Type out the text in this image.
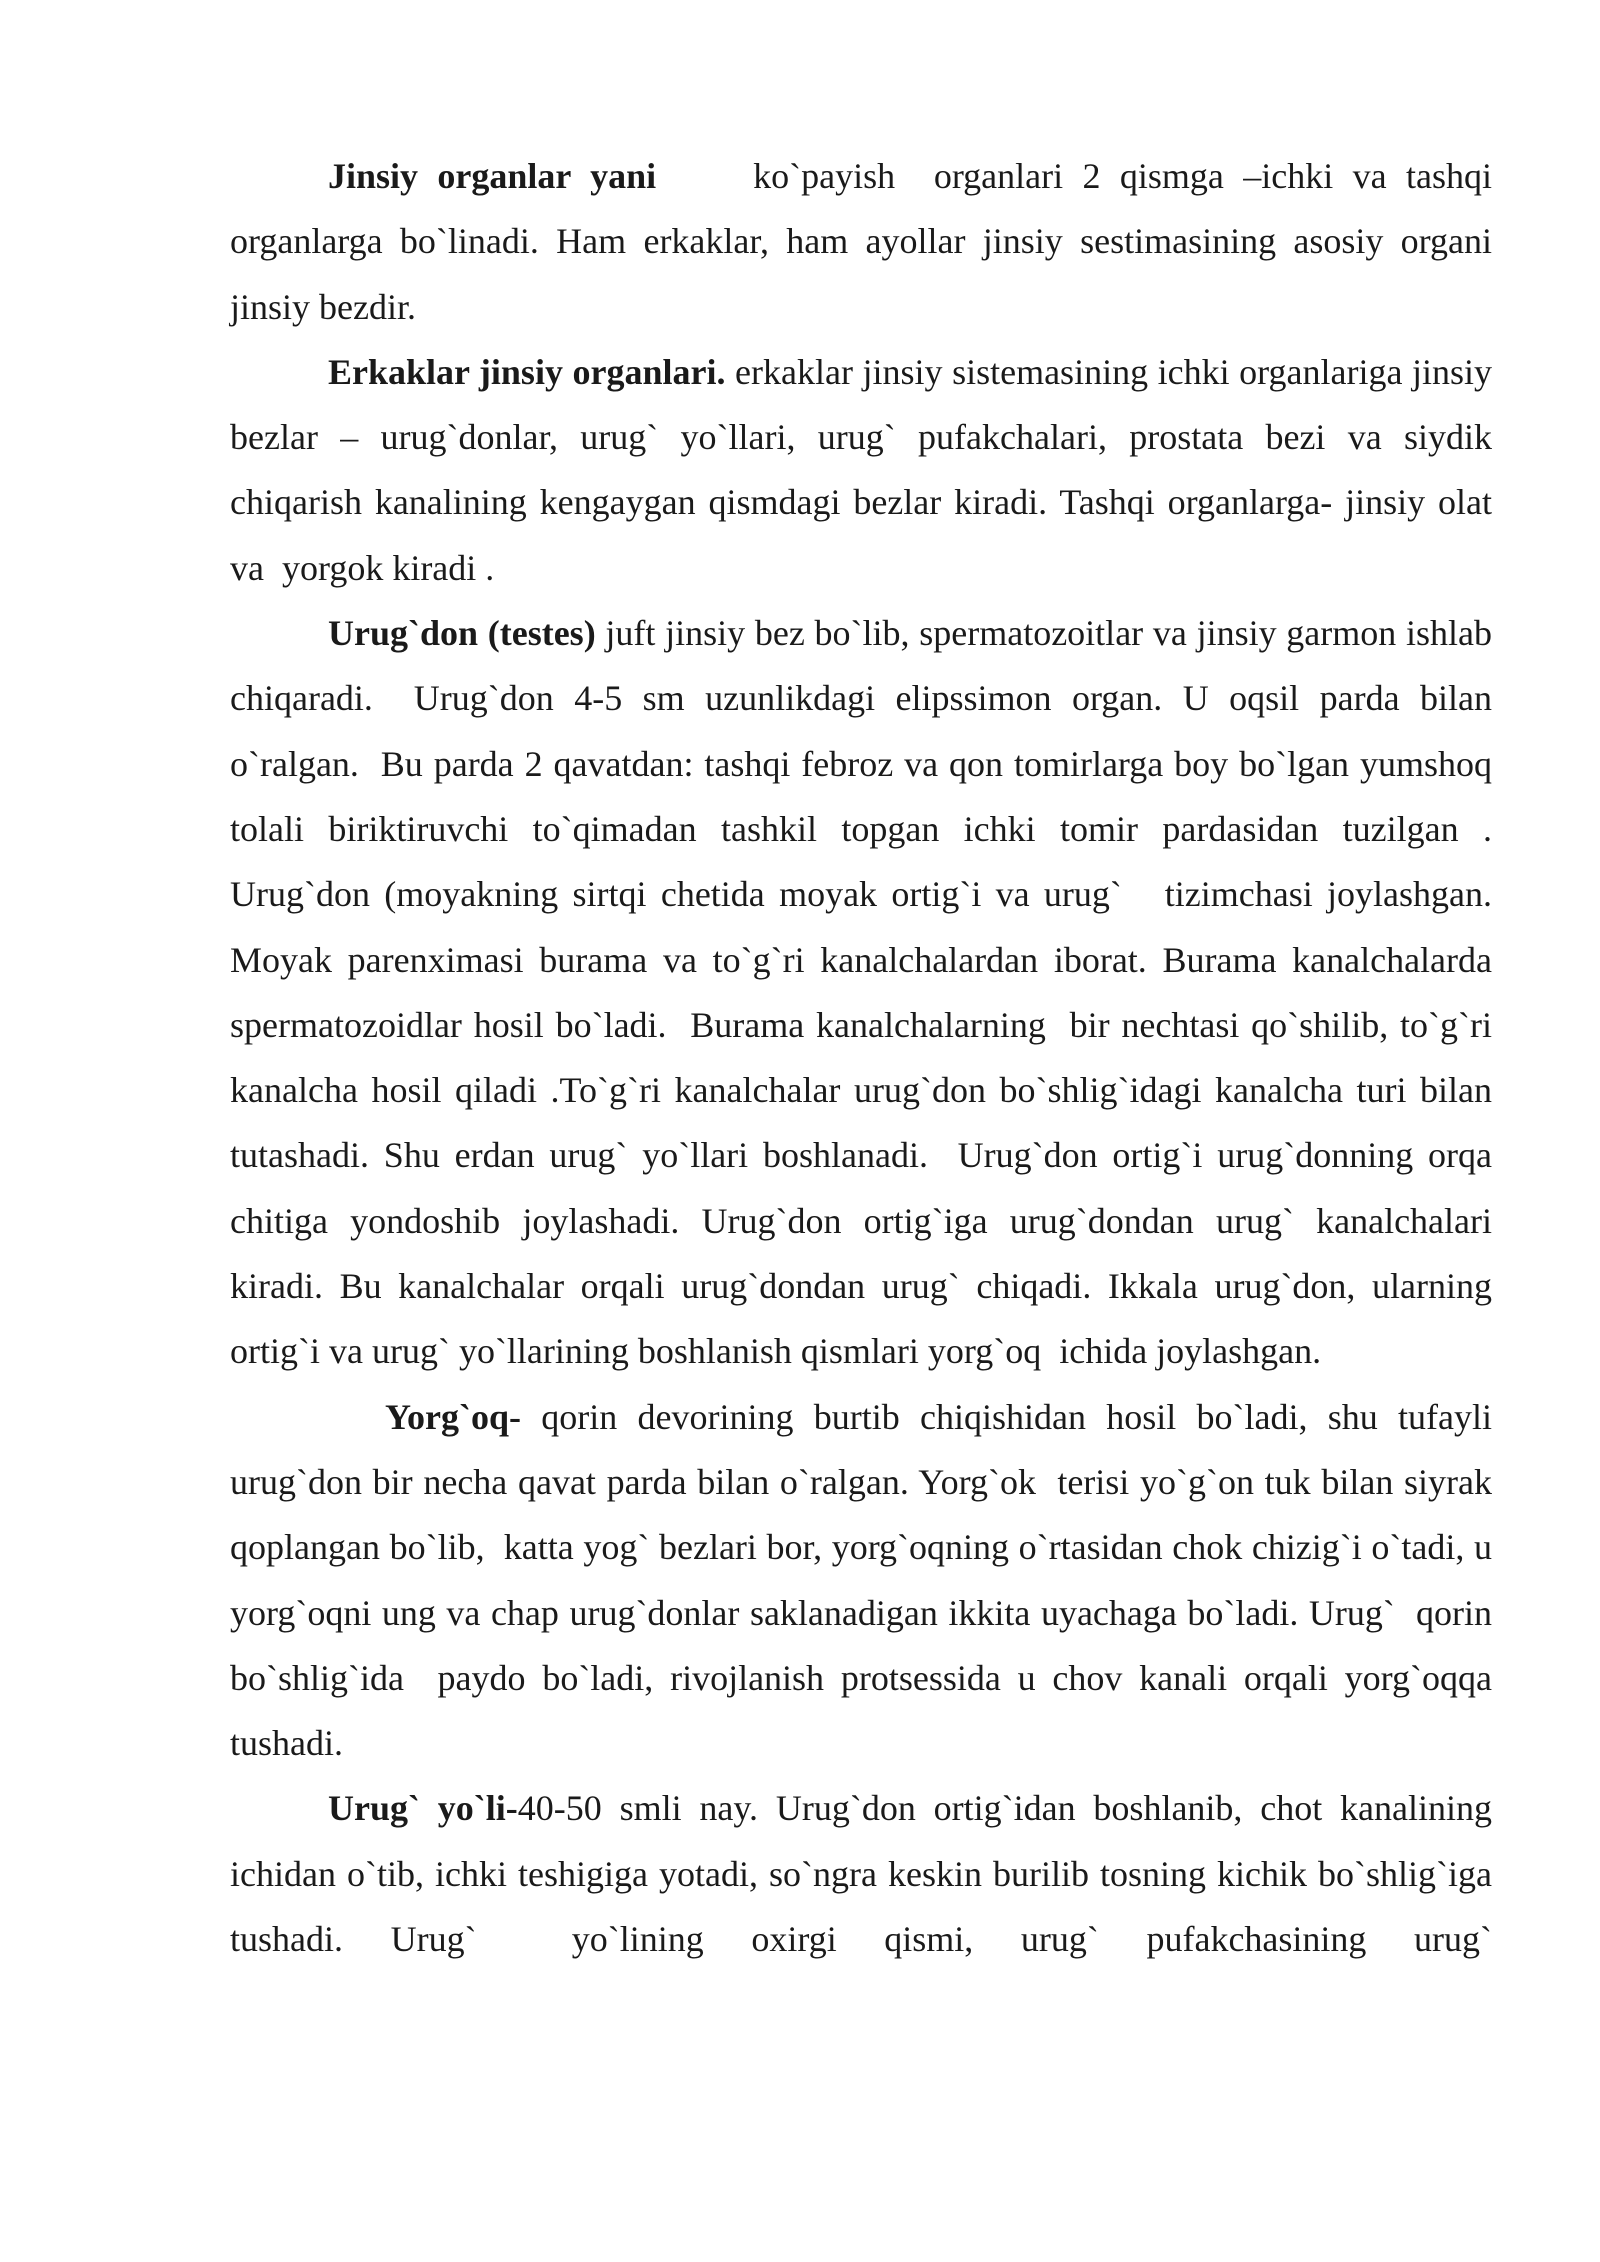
Jinsiy organlar yani     ko`payish  organlari 2 qismga –ichki va tashqi organlarga bo`linadi. Ham erkaklar, ham ayollar jinsiy sestimasining asosiy organi jinsiy bezdir.

Erkaklar jinsiy organlari. erkaklar jinsiy sistemasining ichki organlariga jinsiy bezlar – urug`donlar, urug` yo`llari, urug` pufakchalari, prostata bezi va siydik chiqarish kanalining kengaygan qismdagi bezlar kiradi. Tashqi organlarga- jinsiy olat va  yorgok kiradi .

Urug`don (testes) juft jinsiy bez bo`lib, spermatozoitlar va jinsiy garmon ishlab chiqaradi.  Urug`don 4-5 sm uzunlikdagi elipssimon organ. U oqsil parda bilan o`ralgan.  Bu parda 2 qavatdan: tashqi febroz va qon tomirlarga boy bo`lgan yumshoq tolali biriktiruvchi to`qimadan tashkil topgan ichki tomir pardasidan tuzilgan . Urug`don (moyakning sirtqi chetida moyak ortig`i va urug`   tizimchasi joylashgan. Moyak parenximasi burama va to`g`ri kanalchalardan iborat. Burama kanalchalarda spermatozoidlar hosil bo`ladi.  Burama kanalchalarning  bir nechtasi qo`shilib, to`g`ri  kanalcha hosil qiladi .To`g`ri kanalchalar urug`don bo`shlig`idagi kanalcha turi bilan tutashadi. Shu erdan urug` yo`llari boshlanadi.  Urug`don ortig`i urug`donning orqa chitiga yondoshib joylashadi. Urug`don ortig`iga urug`dondan urug` kanalchalari kiradi. Bu kanalchalar orqali urug`dondan urug` chiqadi. Ikkala urug`don, ularning ortig`i va urug` yo`llarining boshlanish qismlari yorg`oq  ichida joylashgan.

Yorg`oq- qorin devorining burtib chiqishidan hosil bo`ladi, shu tufayli urug`don bir necha qavat parda bilan o`ralgan. Yorg`ok  terisi yo`g`on tuk bilan siyrak qoplangan bo`lib,  katta yog` bezlari bor, yorg`oqning o`rtasidan chok chizig`i o`tadi, u yorg`oqni ung va chap urug`donlar saklanadigan ikkita uyachaga bo`ladi. Urug`  qorin bo`shlig`ida  paydo bo`ladi, rivojlanish protsessida u chov kanali orqali yorg`oqqa  tushadi.

Urug` yo`li-40-50 smli nay. Urug`don ortig`idan boshlanib, chot kanalining ichidan o`tib, ichki teshigiga yotadi, so`ngra keskin burilib tosning kichik bo`shlig`iga tushadi. Urug`  yo`lining oxirgi qismi, urug` pufakchasining urug`
